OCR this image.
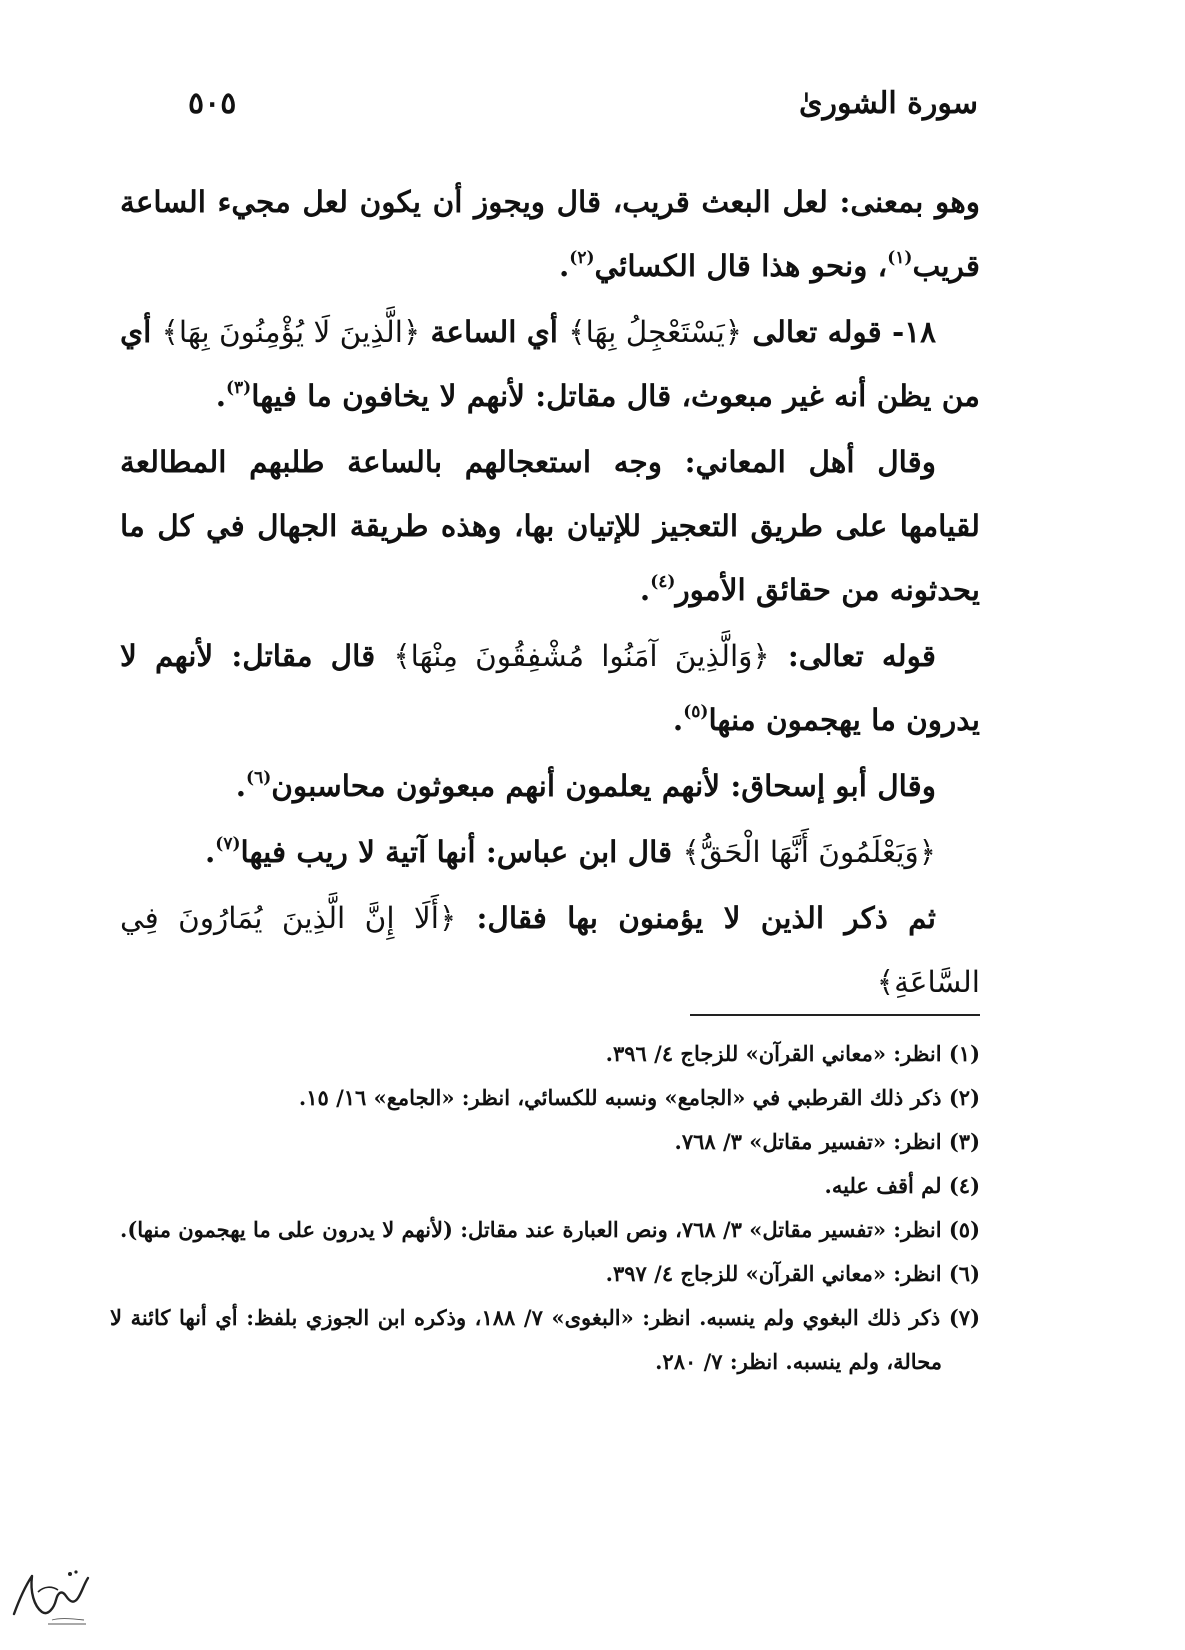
سورة الشورىٰ
٥٠٥

وهو بمعنى: لعل البعث قريب، قال ويجوز أن يكون لعل مجيء الساعة قريب$^{(١)}$، ونحو هذا قال الكسائي$^{(٢)}$.

١٨- قوله تعالى ﴿يَسْتَعْجِلُ بِهَا﴾ أي الساعة ﴿الَّذِينَ لَا يُؤْمِنُونَ بِهَا﴾ أي من يظن أنه غير مبعوث، قال مقاتل: لأنهم لا يخافون ما فيها$^{(٣)}$.

وقال أهل المعاني: وجه استعجالهم بالساعة طلبهم المطالعة لقيامها على طريق التعجيز للإتيان بها، وهذه طريقة الجهال في كل ما يحدثونه من حقائق الأمور$^{(٤)}$.

قوله تعالى: ﴿وَالَّذِينَ آمَنُوا مُشْفِقُونَ مِنْهَا﴾ قال مقاتل: لأنهم لا يدرون ما يهجمون منها$^{(٥)}$.

وقال أبو إسحاق: لأنهم يعلمون أنهم مبعوثون محاسبون$^{(٦)}$.

﴿وَيَعْلَمُونَ أَنَّهَا الْحَقُّ﴾ قال ابن عباس: أنها آتية لا ريب فيها$^{(٧)}$.

ثم ذكر الذين لا يؤمنون بها فقال: ﴿أَلَا إِنَّ الَّذِينَ يُمَارُونَ فِي السَّاعَةِ﴾

(١) انظر: «معاني القرآن» للزجاج ٤/ ٣٩٦.

(٢) ذكر ذلك القرطبي في «الجامع» ونسبه للكسائي، انظر: «الجامع» ١٦/ ١٥.

(٣) انظر: «تفسير مقاتل» ٣/ ٧٦٨.

(٤) لم أقف عليه.

(٥) انظر: «تفسير مقاتل» ٣/ ٧٦٨، ونص العبارة عند مقاتل: (لأنهم لا يدرون على ما يهجمون منها).

(٦) انظر: «معاني القرآن» للزجاج ٤/ ٣٩٧.

(٧) ذكر ذلك البغوي ولم ينسبه. انظر: «البغوى» ٧/ ١٨٨، وذكره ابن الجوزي بلفظ: أي أنها كائنة لا محالة، ولم ينسبه. انظر: ٧/ ٢٨٠.
